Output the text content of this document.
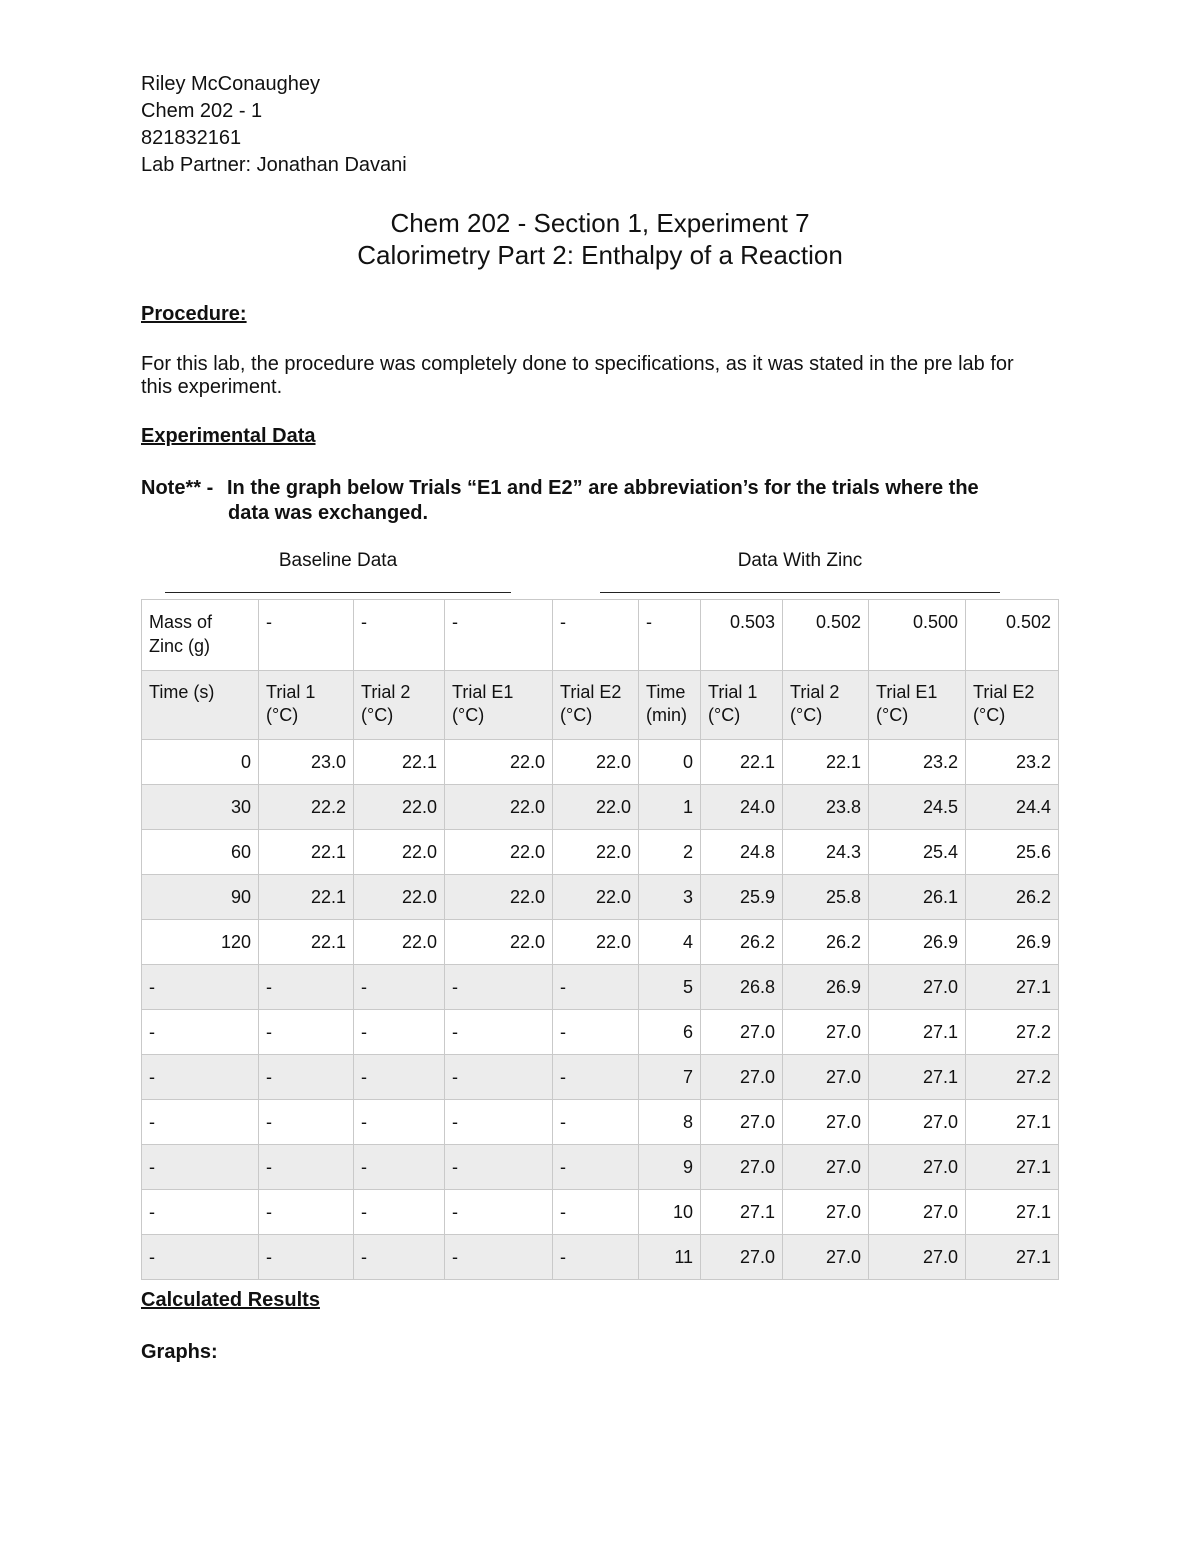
Riley McConaughey
Chem 202 - 1
821832161
Lab Partner: Jonathan Davani
Chem 202 - Section 1, Experiment 7
Calorimetry Part 2: Enthalpy of a Reaction
Procedure:
For this lab, the procedure was completely done to specifications, as it was stated in the pre lab for this experiment.
Experimental Data
Note** - In the graph below Trials “E1 and E2” are abbreviation’s for the trials where the
data was exchanged.
Baseline Data	Data With Zinc
Mass of Zinc (g)	-	-	-	-	-	0.503	0.502	0.500	0.502
Time (s)	Trial 1 (°C)	Trial 2 (°C)	Trial E1 (°C)	Trial E2 (°C)	Time (min)	Trial 1 (°C)	Trial 2 (°C)	Trial E1 (°C)	Trial E2 (°C)
0	23.0	22.1	22.0	22.0	0	22.1	22.1	23.2	23.2
30	22.2	22.0	22.0	22.0	1	24.0	23.8	24.5	24.4
60	22.1	22.0	22.0	22.0	2	24.8	24.3	25.4	25.6
90	22.1	22.0	22.0	22.0	3	25.9	25.8	26.1	26.2
120	22.1	22.0	22.0	22.0	4	26.2	26.2	26.9	26.9
-	-	-	-	-	5	26.8	26.9	27.0	27.1
-	-	-	-	-	6	27.0	27.0	27.1	27.2
-	-	-	-	-	7	27.0	27.0	27.1	27.2
-	-	-	-	-	8	27.0	27.0	27.0	27.1
-	-	-	-	-	9	27.0	27.0	27.0	27.1
-	-	-	-	-	10	27.1	27.0	27.0	27.1
-	-	-	-	-	11	27.0	27.0	27.0	27.1
Calculated Results
Graphs:
